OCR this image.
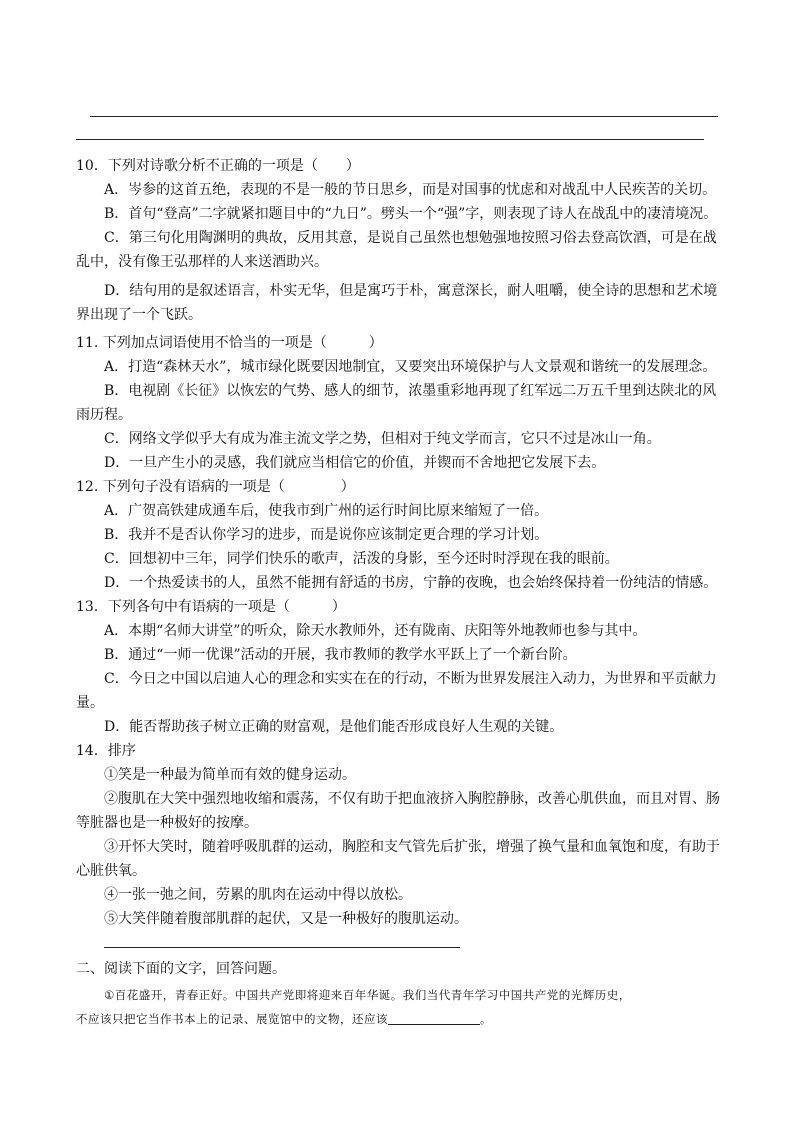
10．下列对诗歌分析不正确的一项是（　　）
A．岑参的这首五绝，表现的不是一般的节日思乡，而是对国事的忧虑和对战乱中人民疾苦的关切。
B．首句“登高”二字就紧扣题目中的“九日”。劈头一个“强”字，则表现了诗人在战乱中的凄清境况。
C．第三句化用陶渊明的典故，反用其意，是说自己虽然也想勉强地按照习俗去登高饮酒，可是在战
乱中，没有像王弘那样的人来送酒助兴。
D．结句用的是叙述语言，朴实无华，但是寓巧于朴，寓意深长，耐人咀嚼，使全诗的思想和艺术境
界出现了一个飞跃。
11. 下列加点词语使用不恰当的一项是（　　　）
A．打造“森林天水”，城市绿化既要因地制宜，又要突出环境保护与人文景观和谐统一的发展理念。
B．电视剧《长征》以恢宏的气势、感人的细节，浓墨重彩地再现了红军远二万五千里到达陕北的风
雨历程。
C．网络文学似乎大有成为准主流文学之势，但相对于纯文学而言，它只不过是冰山一角。
D．一旦产生小的灵感，我们就应当相信它的价值，并锲而不舍地把它发展下去。
12. 下列句子没有语病的一项是（　　　　）
A．广贺高铁建成通车后，使我市到广州的运行时间比原来缩短了一倍。
B．我并不是否认你学习的进步，而是说你应该制定更合理的学习计划。
C．回想初中三年，同学们快乐的歌声，活泼的身影，至今还时时浮现在我的眼前。
D．一个热爱读书的人，虽然不能拥有舒适的书房，宁静的夜晚，也会始终保持着一份纯洁的情感。
13．下列各句中有语病的一项是（　　　）
A．本期“名师大讲堂”的听众，除天水教师外，还有陇南、庆阳等外地教师也参与其中。
B．通过“一师一优课”活动的开展，我市教师的教学水平跃上了一个新台阶。
C．今日之中国以启迪人心的理念和实实在在的行动，不断为世界发展注入动力，为世界和平贡献力
量。
D．能否帮助孩子树立正确的财富观，是他们能否形成良好人生观的关键。
14．排序
①笑是一种最为简单而有效的健身运动。
②腹肌在大笑中强烈地收缩和震荡，不仅有助于把血液挤入胸腔静脉，改善心肌供血，而且对胃、肠
等脏器也是一种极好的按摩。
③开怀大笑时，随着呼吸肌群的运动，胸腔和支气管先后扩张，增强了换气量和血氧饱和度，有助于
心脏供氧。
④一张一弛之间，劳累的肌肉在运动中得以放松。
⑤大笑伴随着腹部肌群的起伏，又是一种极好的腹肌运动。
二、阅读下面的文字，回答问题。
①百花盛开，青春正好。中国共产党即将迎来百年华诞。我们当代青年学习中国共产党的光辉历史，
不应该只把它当作书本上的记录、展览馆中的文物，还应该	。
